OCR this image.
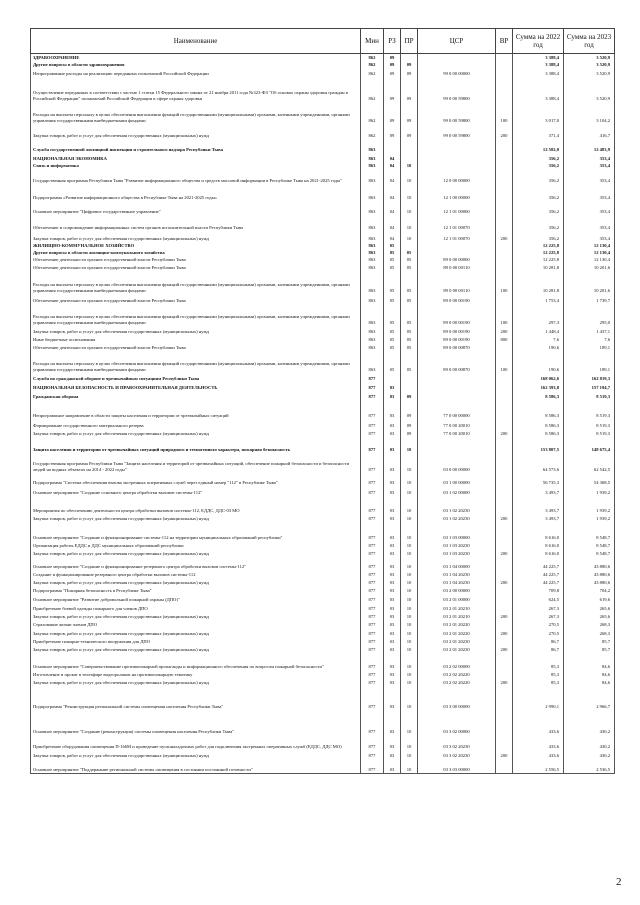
Наименование	Мин	РЗ	ПР	ЦСР	ВР	Сумма на 2022 год	Сумма на 2023 год
ЗДРАВООХРАНЕНИЕ	862	09				3 388,4	3 520,9
Другие вопросы в области здравоохранения	862	09	09			3 388,4	3 520,9
Непрограммные расходы на реализацию переданных полномочий Российской Федерации	862	09	09	99 0 00 00000		3 388,4	3 520,9
Осуществление переданных в соответствии с частью 1 статьи 15 Федерального закона от 21 ноября 2011 года №323-ФЗ "Об основах охраны здоровья граждан в Российской Федерации" полномочий Российской Федерации в сфере охраны здоровья	862	09	09	99 0 00 59800		3 388,4	3 520,9
Расходы на выплаты персоналу в целях обеспечения выполнения функций государственными (муниципальными) органами, казенными учреждениями, органами управления государственными внебюджетными фондами	862	09	09	99 0 00 59800	100	3 017,0	3 104,2
Закупка товаров, работ и услуг для обеспечения государственных (муниципальных) нужд	862	09	09	99 0 00 59800	200	371,4	416,7
Служба государственной жилищной инспекции и строительного надзора Республики Тыва	863					12 582,0	12 483,9
НАЦИОНАЛЬНАЯ ЭКОНОМИКА	863	04				356,2	353,4
Связь и информатика	863	04	10			356,2	353,4
Государственная программа Республики Тыва "Развитие информационного общества и средств массовой информации в Республике Тыва на 2021-2025 годы"	863	04	10	12 0 00 00000		356,2	353,4
Подпрограмма «Развитие информационного общества в Республике Тыва на 2021-2025 годы»	863	04	10	12 1 00 00000		356,2	353,4
Основное мероприятие "Цифровое государственное управление"	863	04	10	12 1 01 00000		356,2	353,4
Обеспечение и сопровождение информационных систем органов исполнительной власти Республики Тыва	863	04	10	12 1 01 00070		356,2	353,4
Закупка товаров, работ и услуг для обеспечения государственных (муниципальных) нужд	863	04	10	12 1 01 00070	200	356,2	353,4
ЖИЛИЩНО-КОММУНАЛЬНОЕ ХОЗЯЙСТВО	863	05				12 225,8	12 130,4
Другие вопросы в области жилищно-коммунального хозяйства	863	05	05			12 225,8	12 130,4
Обеспечение деятельности органов государственной власти Республики Тыва	863	05	05	89 0 00 00000		12 225,8	12 130,4
Обеспечение деятельности органов государственной власти Республики Тыва	863	05	05	89 0 00 00110		10 281,8	10 201,6
Расходы на выплаты персоналу в целях обеспечения выполнения функций государственными (муниципальными) органами, казенными учреждениями, органами управления государственными внебюджетными фондами	863	05	05	89 0 00 00110	100	10 281,8	10 201,6
Обеспечение деятельности органов государственной власти Республики Тыва	863	05	05	89 0 00 00190		1 753,4	1 739,7
Расходы на выплаты персоналу в целях обеспечения выполнения функций государственными (муниципальными) органами, казенными учреждениями, органами управления государственными внебюджетными фондами	863	05	05	89 0 00 00190	100	297,3	295,0
Закупка товаров, работ и услуг для обеспечения государственных (муниципальных) нужд	863	05	05	89 0 00 00190	200	1 448,4	1 437,1
Иные бюджетные ассигнования	863	05	05	89 0 00 00190	800	7,6	7,6
Обеспечение деятельности органов государственной власти Республики Тыва	863	05	05	89 0 00 00870		190,6	189,1
Расходы на выплаты персоналу в целях обеспечения выполнения функций государственными (муниципальными) органами, казенными учреждениями, органами управления государственными внебюджетными фондами	863	05	05	89 0 00 00870	100	190,6	189,1
Служба по гражданской обороне и чрезвычайным ситуациям Республики Тыва	877					168 062,6	162 819,3
НАЦИОНАЛЬНАЯ БЕЗОПАСНОСТЬ И ПРАВООХРАНИТЕЛЬНАЯ ДЕЯТЕЛЬНОСТЬ	877	03				162 393,8	157 194,7
Гражданская оборона	877	03	09			8 586,3	8 519,3
Непрограммное направление в области защиты населения и территории от чрезвычайных ситуаций	877	03	09	77 0 00 00000		8 586,3	8 519,3
Формирование государственного материального резерва	877	03	09	77 0 00 20010		8 586,3	8 519,3
Закупка товаров, работ и услуг для обеспечения государственных (муниципальных) нужд	877	03	09	77 0 00 20010	200	8 586,3	8 519,3
Защита населения и территории от чрезвычайных ситуаций природного и техногенного характера, пожарная безопасность	877	03	10			153 807,5	148 675,4
Государственная программа Республики Тыва "Защита населения и территорий от чрезвычайных ситуаций, обеспечение пожарной безопасности и безопасности людей на водных объектах на 2014 - 2022 годы"	877	03	10	03 0 00 00000		64 573,6	62 542,5
Подпрограмма "Система обеспечения вызова экстренных оперативных служб через единый номер "112" в Республике Тыва"	877	03	10	03 1 00 00000		56 735,3	54 368,5
Основное мероприятие "Создание основного центра обработки вызовов системы-112"	877	03	10	03 1 02 00000		3 493,7	1 939,2
Мероприятия по обеспечению деятельности центра обработки вызовов системы-112, ЕДДС, ДДС-03 МО	877	03	10	03 1 02 20230		3 493,7	1 939,2
Закупка товаров, работ и услуг для обеспечения государственных (муниципальных) нужд	877	03	10	03 1 02 20230	200	3 493,7	1 939,2
Основное мероприятие "Создание и функционирование системы-112 на территории муниципальных образований республики"	877	03	10	03 1 03 00000		8 616,0	8 548,7
Организация работы ЕДДС и ДДС муниципальных образований республики	877	03	10	03 1 03 20230		8 616,0	8 548,7
Закупка товаров, работ и услуг для обеспечения государственных (муниципальных) нужд	877	03	10	03 1 03 20230	200	8 616,0	8 548,7
Основное мероприятие "Создание и функционирование резервного центра обработки вызовов системы-112"	877	03	10	03 1 04 00000		44 225,7	43 880,6
Создание и функционирование резервного центра обработки вызовов системы-112	877	03	10	03 1 04 20230		44 225,7	43 880,6
Закупка товаров, работ и услуг для обеспечения государственных (муниципальных) нужд	877	03	10	03 1 04 20230	200	44 225,7	43 880,6
Подпрограмма "Пожарная безопасность в Республике Тыва"	877	03	10	03 2 00 00000		709,8	704,2
Основное мероприятие "Развитие добровольной пожарной охраны (ДПО)"	877	03	10	03 2 01 00000		624,5	619,6
Приобретение боевой одежды пожарного для членов ДПО	877	03	10	03 2 01 20210		267,3	265,6
Закупка товаров, работ и услуг для обеспечения государственных (муниципальных) нужд	877	03	10	03 2 01 20210	200	267,3	265,6
Страхование жизни членов ДПО	877	03	10	03 2 01 20220		270,5	268,3
Закупка товаров, работ и услуг для обеспечения государственных (муниципальных) нужд	877	03	10	03 2 01 20220	200	270,5	268,3
Приобретение пожарно-технического вооружения для ДПО	877	03	10	03 2 01 20230		86,7	85,7
Закупка товаров, работ и услуг для обеспечения государственных (муниципальных) нужд	877	03	10	03 2 01 20230	200	86,7	85,7
Основное мероприятие "Совершенствование противопожарной пропаганды и информационного обеспечения по вопросам пожарной безопасности"	877	03	10	03 2 02 00000		85,3	84,6
Изготовление и прокат в телеэфире видеороликов на противопожарную тематику	877	03	10	03 2 02 20220		85,3	84,6
Закупка товаров, работ и услуг для обеспечения государственных (муниципальных) нужд	877	03	10	03 2 02 20220	200	85,3	84,6
Подпрограмма "Реконструкция региональной системы оповещения населения Республики Тыва"	877	03	10	03 3 00 00000		2 990,1	2 966,7
Основное мероприятие "Создание (реконструкция) системы оповещения населения Республики Тыва"	877	03	10	03 3 02 00000		433,6	430,2
Приобретение оборудования оповещения П-166М и проведение пусконаладочных работ для подключения экстренных оперативных служб (ЕДДС, ДДС МО)	877	03	10	03 3 02 20230		433,6	430,2
Закупка товаров, работ и услуг для обеспечения государственных (муниципальных) нужд	877	03	10	03 3 02 20230	200	433,6	430,2
Основное мероприятие "Поддержание региональной системы оповещения в состоянии постоянной готовности"	877	03	10	03 3 03 00000		2 556,5	2 536,5
2
